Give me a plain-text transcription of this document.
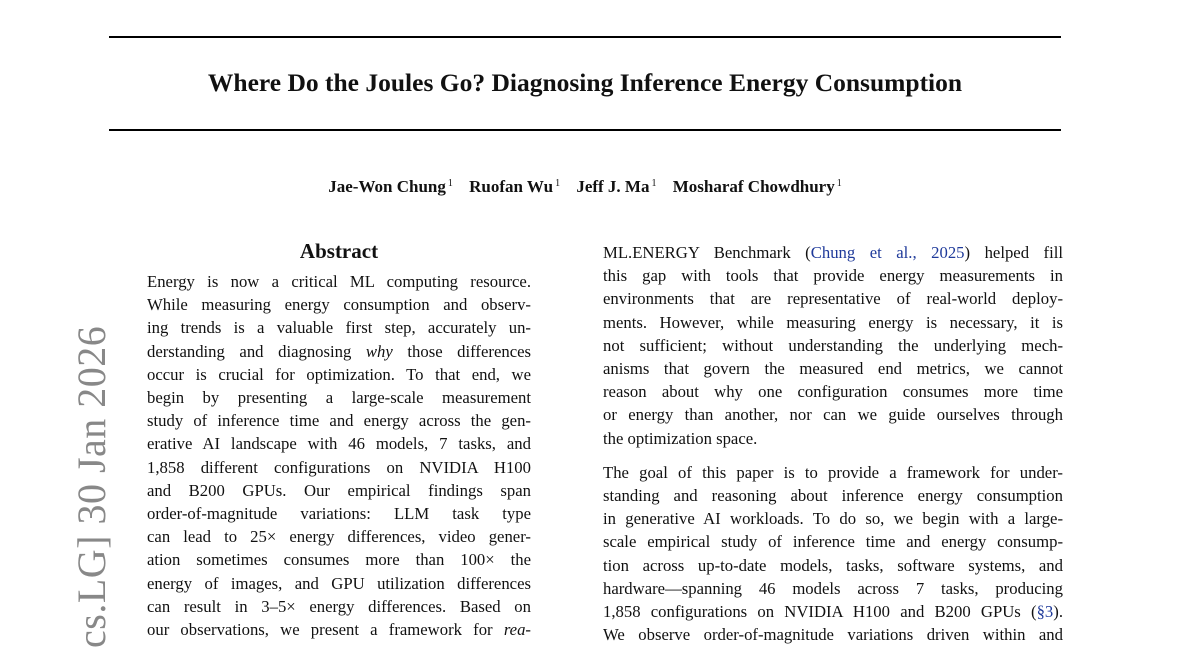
Where Do the Joules Go? Diagnosing Inference Energy Consumption
Jae-Won Chung $^1$ Ruofan Wu $^1$ Jeff J. Ma $^1$ Mosharaf Chowdhury $^1$
cs.LG] 30 Jan 2026
Abstract
Energy is now a critical ML computing resource.
While measuring energy consumption and observ-
ing trends is a valuable first step, accurately un-
derstanding and diagnosing why those differences
occur is crucial for optimization. To that end, we
begin by presenting a large-scale measurement
study of inference time and energy across the gen-
erative AI landscape with 46 models, 7 tasks, and
1,858 different configurations on NVIDIA H100
and B200 GPUs. Our empirical findings span
order-of-magnitude variations: LLM task type
can lead to 25× energy differences, video gener-
ation sometimes consumes more than 100× the
energy of images, and GPU utilization differences
can result in 3–5× energy differences. Based on
our observations, we present a framework for rea-
ML.ENERGY Benchmark (Chung et al., 2025) helped fill
this gap with tools that provide energy measurements in
environments that are representative of real-world deploy-
ments. However, while measuring energy is necessary, it is
not sufficient; without understanding the underlying mech-
anisms that govern the measured end metrics, we cannot
reason about why one configuration consumes more time
or energy than another, nor can we guide ourselves through
the optimization space.
The goal of this paper is to provide a framework for under-
standing and reasoning about inference energy consumption
in generative AI workloads. To do so, we begin with a large-
scale empirical study of inference time and energy consump-
tion across up-to-date models, tasks, software systems, and
hardware—spanning 46 models across 7 tasks, producing
1,858 configurations on NVIDIA H100 and B200 GPUs (§3).
We observe order-of-magnitude variations driven within and
